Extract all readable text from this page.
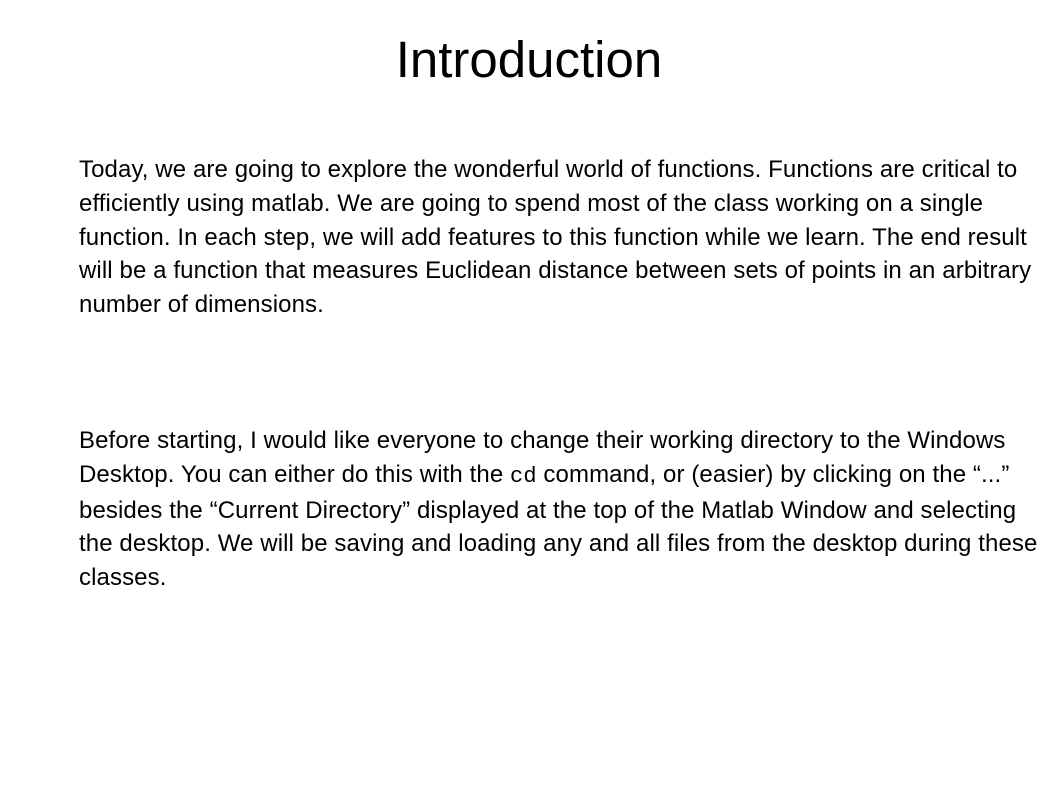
Introduction

Today, we are going to explore the wonderful world of functions. Functions are critical to efficiently using matlab. We are going to spend most of the class working on a single function. In each step, we will add features to this function while we learn. The end result will be a function that measures Euclidean distance between sets of points in an arbitrary number of dimensions.

Before starting, I would like everyone to change their working directory to the Windows Desktop. You can either do this with the cd command, or (easier) by clicking on the “...” besides the “Current Directory” displayed at the top of the Matlab Window and selecting the desktop. We will be saving and loading any and all files from the desktop during these classes.
